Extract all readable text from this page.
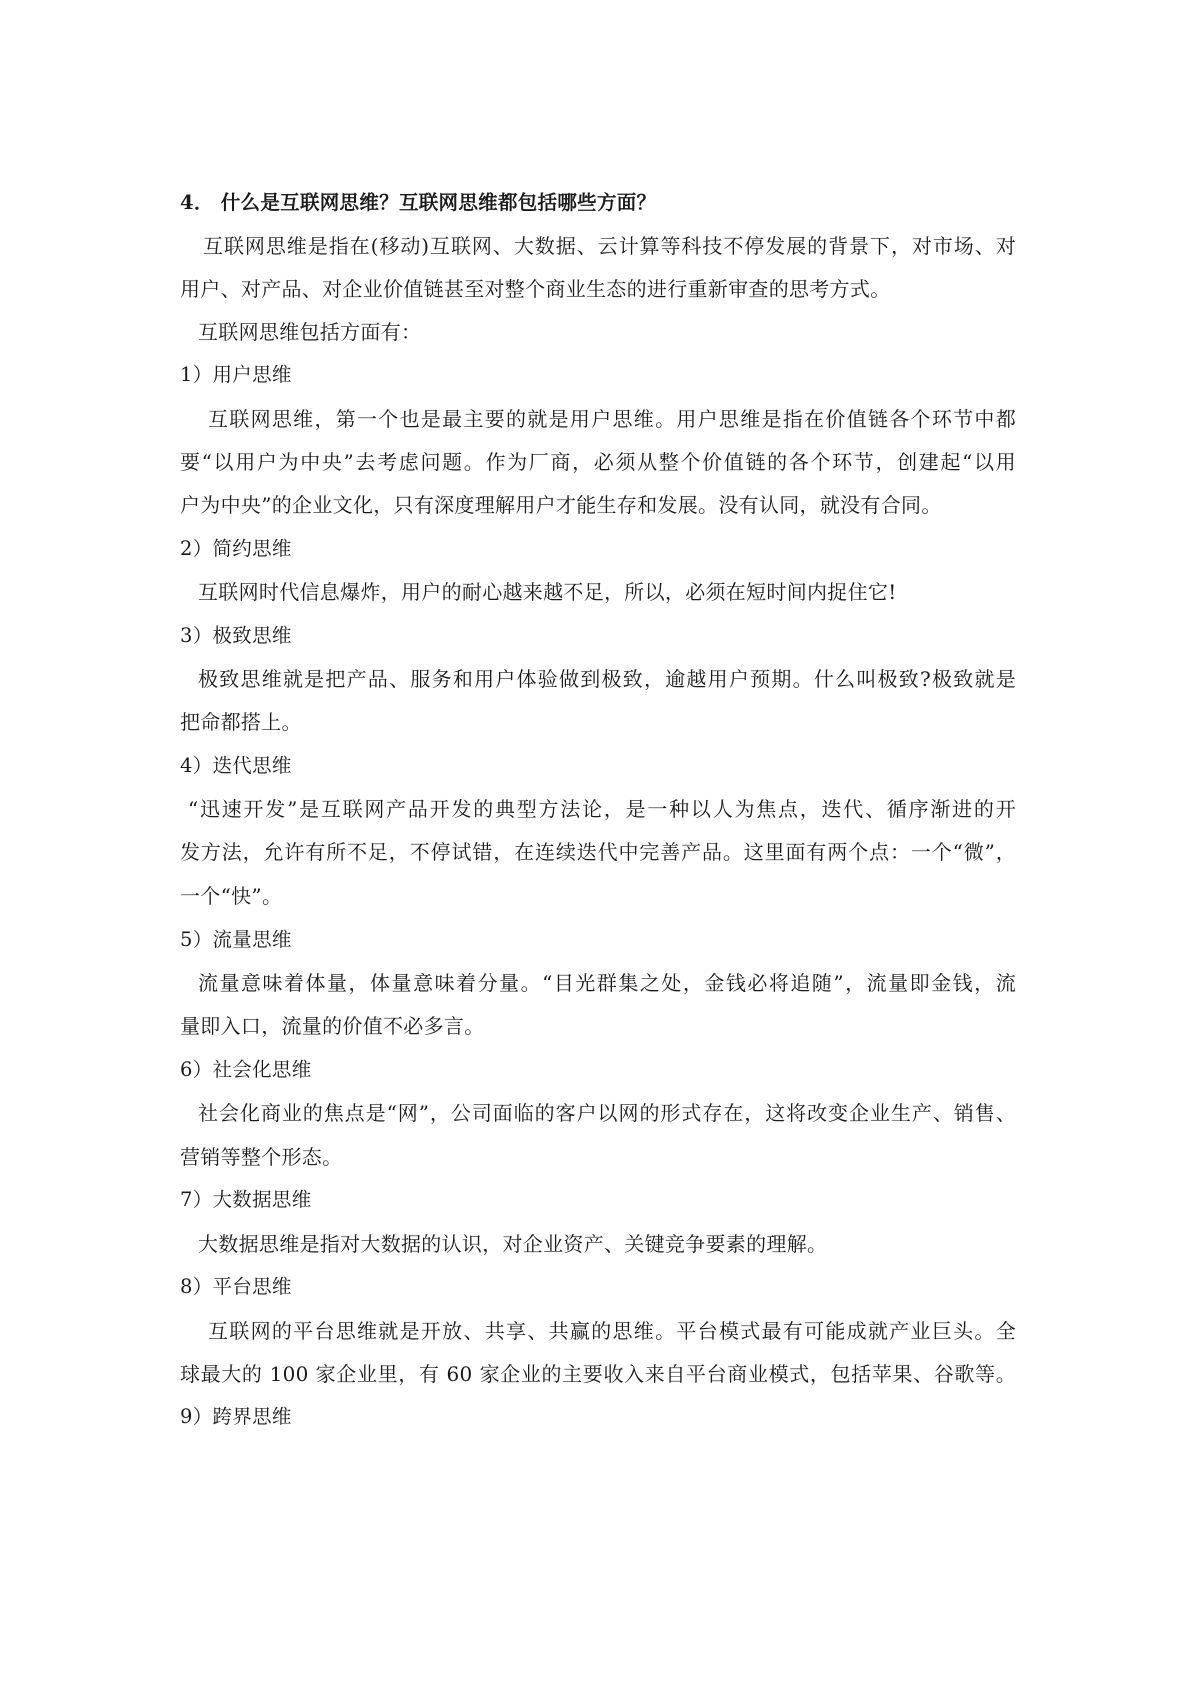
4． 什么是互联网思维？互联网思维都包括哪些方面？
互联网思维是指在(移动)互联网、大数据、云计算等科技不停发展的背景下，对市场、对
用户、对产品、对企业价值链甚至对整个商业生态的进行重新审查的思考方式。
互联网思维包括方面有：
1）用户思维
互联网思维，第一个也是最主要的就是用户思维。用户思维是指在价值链各个环节中都
要“以用户为中央”去考虑问题。作为厂商，必须从整个价值链的各个环节，创建起“以用
户为中央”的企业文化，只有深度理解用户才能生存和发展。没有认同，就没有合同。
2）简约思维
互联网时代信息爆炸，用户的耐心越来越不足，所以，必须在短时间内捉住它!
3）极致思维
极致思维就是把产品、服务和用户体验做到极致，逾越用户预期。什么叫极致?极致就是
把命都搭上。
4）迭代思维
“迅速开发”是互联网产品开发的典型方法论，是一种以人为焦点，迭代、循序渐进的开
发方法，允许有所不足，不停试错，在连续迭代中完善产品。这里面有两个点：一个“微”，
一个“快”。
5）流量思维
流量意味着体量，体量意味着分量。“目光群集之处，金钱必将追随”，流量即金钱，流
量即入口，流量的价值不必多言。
6）社会化思维
社会化商业的焦点是“网”，公司面临的客户以网的形式存在，这将改变企业生产、销售、
营销等整个形态。
7）大数据思维
大数据思维是指对大数据的认识，对企业资产、关键竞争要素的理解。
8）平台思维
互联网的平台思维就是开放、共享、共赢的思维。平台模式最有可能成就产业巨头。全
球最大的 100 家企业里，有 60 家企业的主要收入来自平台商业模式，包括苹果、谷歌等。
9）跨界思维
